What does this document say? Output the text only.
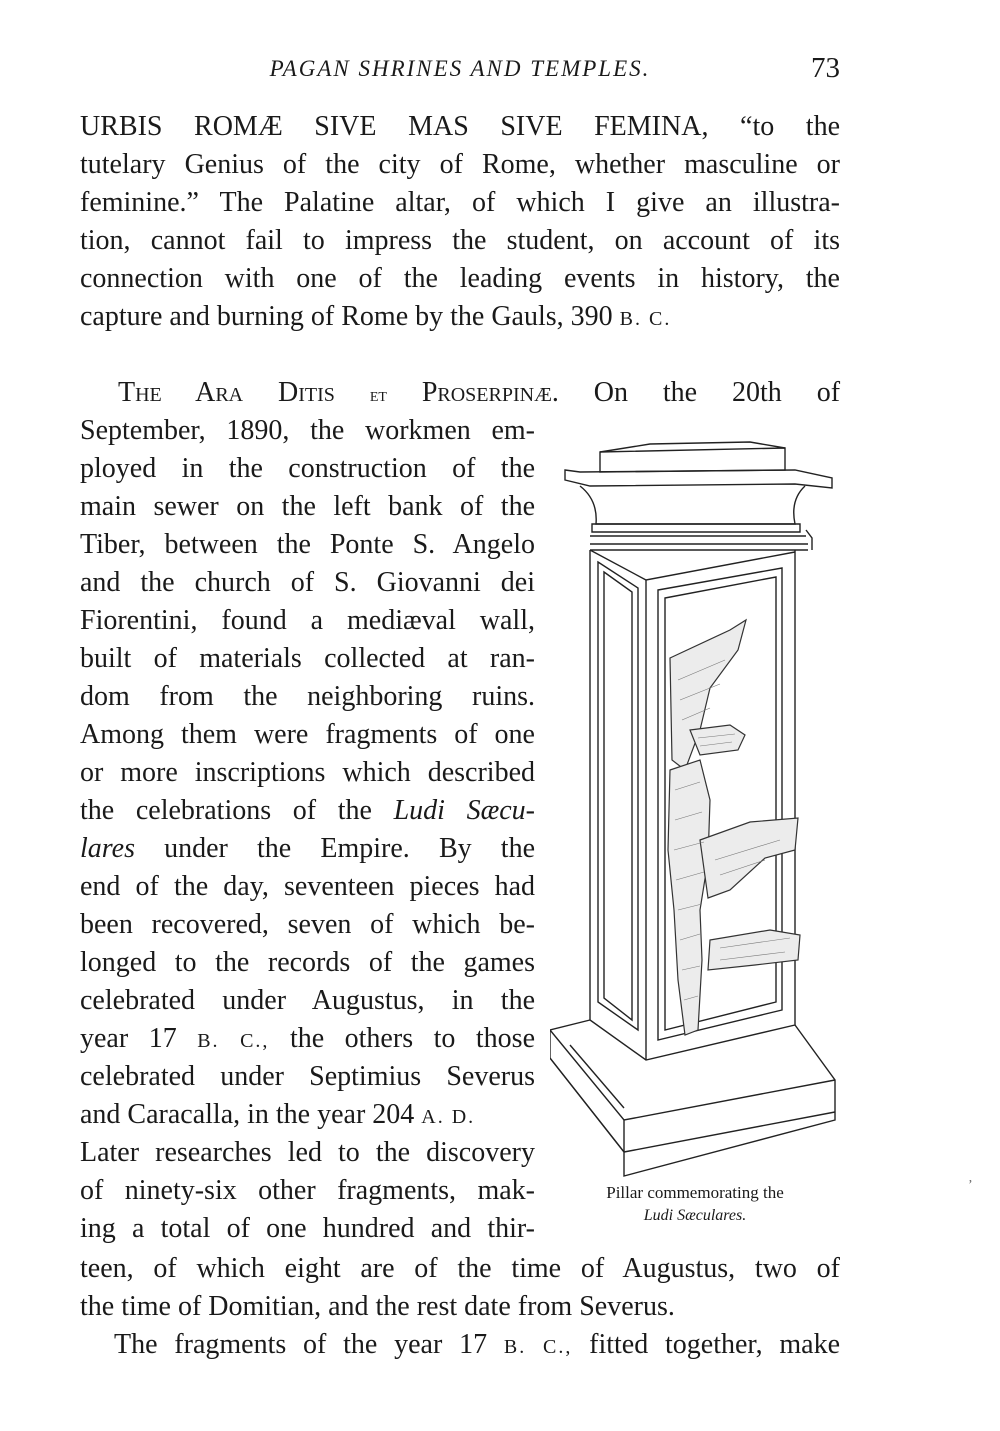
PAGAN SHRINES AND TEMPLES.	73
URBIS ROMÆ SIVE MAS SIVE FEMINA, “to the
tutelary Genius of the city of Rome, whether masculine or
feminine.” The Palatine altar, of which I give an illustra-
tion, cannot fail to impress the student, on account of its
connection with one of the leading events in history, the
capture and burning of Rome by the Gauls, 390 B. C.
The Ara Ditis et Proserpinæ. On the 20th of
September, 1890, the workmen em-
ployed in the construction of the
main sewer on the left bank of the
Tiber, between the Ponte S. Angelo
and the church of S. Giovanni dei
Fiorentini, found a mediæval wall,
built of materials collected at ran-
dom from the neighboring ruins.
Among them were fragments of one
or more inscriptions which described
the celebrations of the Ludi Sæcu-
lares under the Empire. By the
end of the day, seventeen pieces had
been recovered, seven of which be-
longed to the records of the games
celebrated under Augustus, in the
year 17 B. C., the others to those
celebrated under Septimius Severus
and Caracalla, in the year 204 A. D.
Later researches led to the discovery
of ninety-six other fragments, mak-
ing a total of one hundred and thir-
teen, of which eight are of the time of Augustus, two of
the time of Domitian, and the rest date from Severus.
The fragments of the year 17 B. C., fitted together, make
Pillar commemorating the
Ludi Sæculares.
’
